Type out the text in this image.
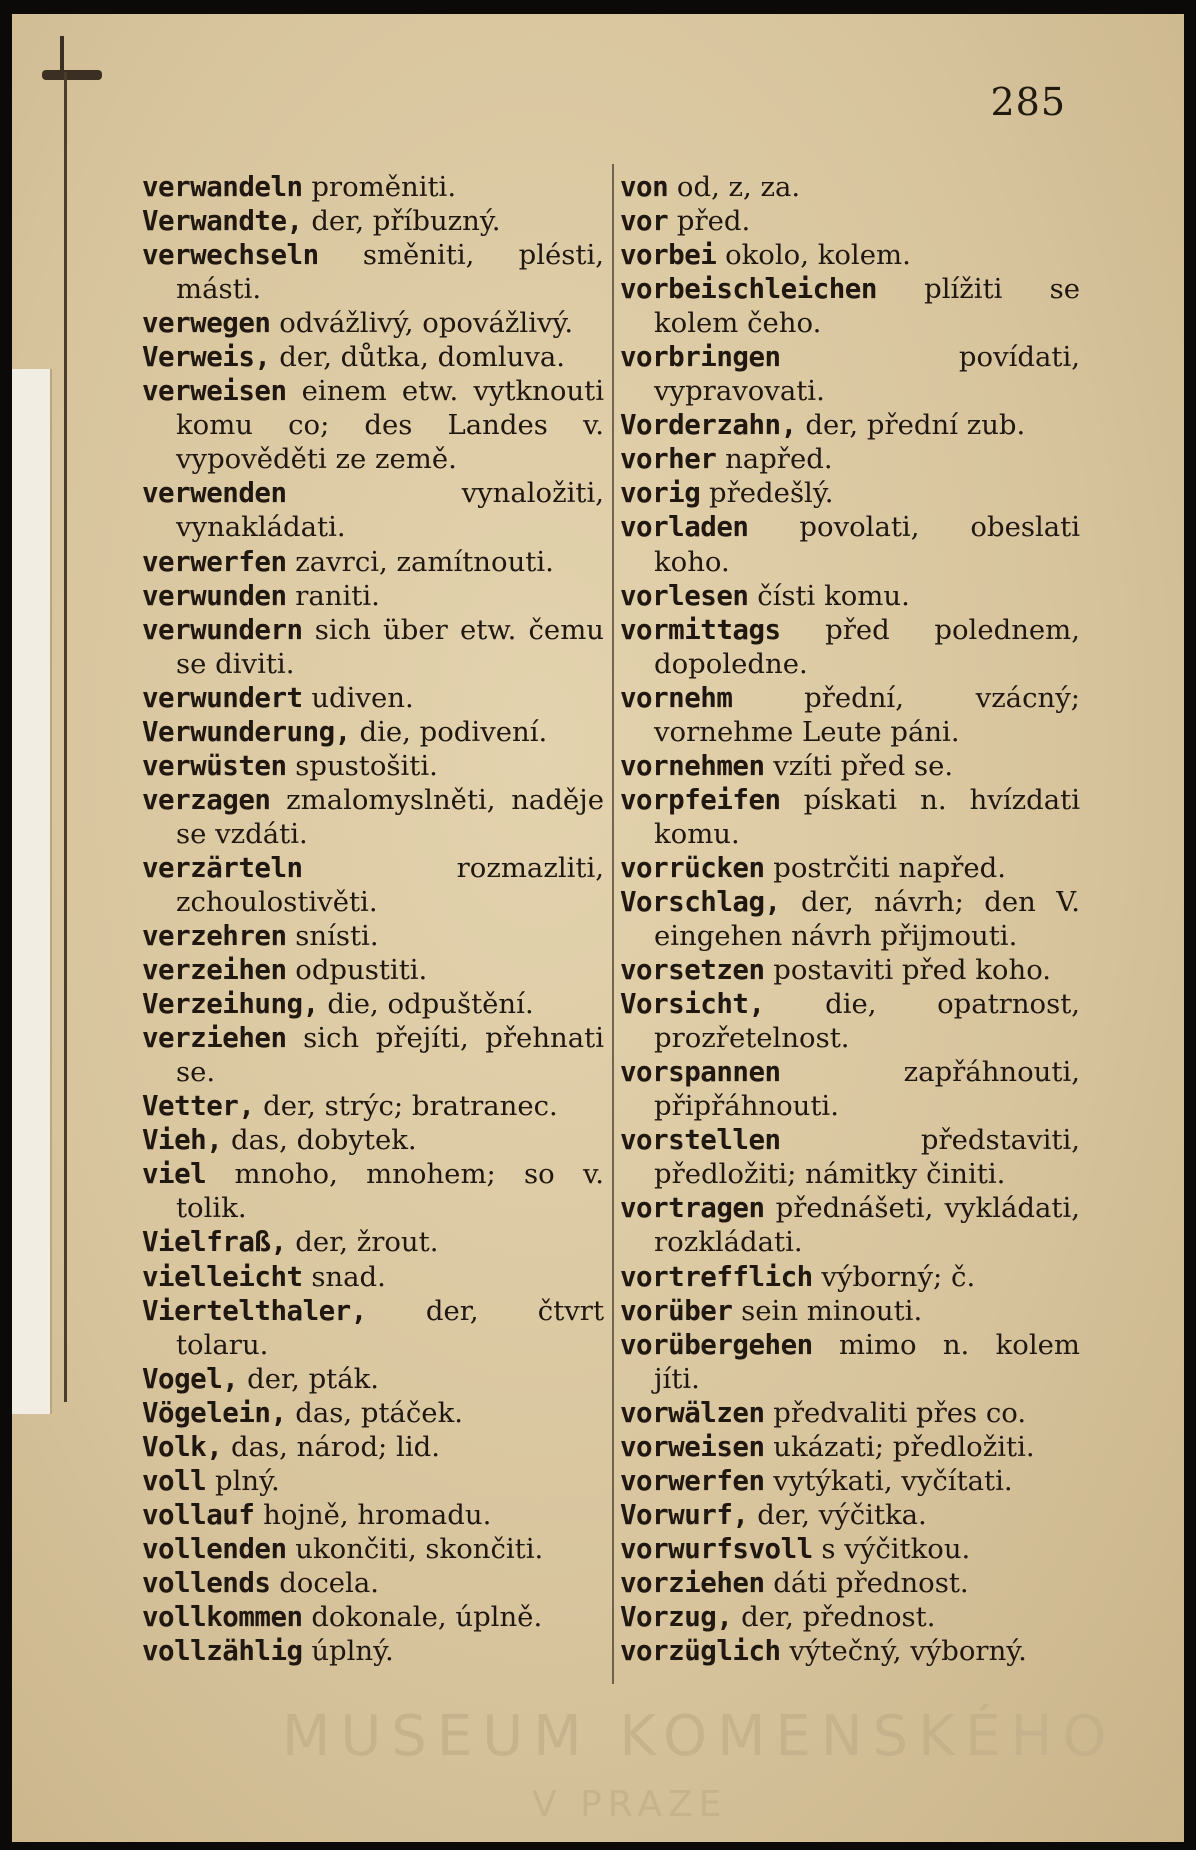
285

verwandeln proměniti.

Verwandte, der, příbuzný.

verwechseln směniti, plésti, másti.

verwegen odvážlivý, opovážlivý.

Verweis, der, důtka, domluva.

verweisen einem etw. vytknouti komu co; des Landes v. vypověděti ze země.

verwenden vynaložiti, vynakládati.

verwerfen zavrci, zamítnouti.

verwunden raniti.

verwundern sich über etw. čemu se diviti.

verwundert udiven.

Verwunderung, die, podivení.

verwüsten spustošiti.

verzagen zmalomyslněti, naděje se vzdáti.

verzärteln rozmazliti, zchoulostivěti.

verzehren snísti.

verzeihen odpustiti.

Verzeihung, die, odpuštění.

verziehen sich přejíti, přehnati se.

Vetter, der, strýc; bratranec.

Vieh, das, dobytek.

viel mnoho, mnohem; so v. tolik.

Vielfraß, der, žrout.

vielleicht snad.

Viertelthaler, der, čtvrt tolaru.

Vogel, der, pták.

Vögelein, das, ptáček.

Volk, das, národ; lid.

voll plný.

vollauf hojně, hromadu.

vollenden ukončiti, skončiti.

vollends docela.

vollkommen dokonale, úplně.

vollzählig úplný.

von od, z, za.

vor před.

vorbei okolo, kolem.

vorbeischleichen plížiti se kolem čeho.

vorbringen povídati, vypravovati.

Vorderzahn, der, přední zub.

vorher napřed.

vorig předešlý.

vorladen povolati, obeslati koho.

vorlesen čísti komu.

vormittags před polednem, dopoledne.

vornehm přední, vzácný; vornehme Leute páni.

vornehmen vzíti před se.

vorpfeifen pískati n. hvízdati komu.

vorrücken postrčiti napřed.

Vorschlag, der, návrh; den V. eingehen návrh přijmouti.

vorsetzen postaviti před koho.

Vorsicht, die, opatrnost, prozřetelnost.

vorspannen zapřáhnouti, připřáhnouti.

vorstellen představiti, předložiti; námitky činiti.

vortragen přednášeti, vykládati, rozkládati.

vortrefflich výborný; č.

vorüber sein minouti.

vorübergehen mimo n. kolem jíti.

vorwälzen předvaliti přes co.

vorweisen ukázati; předložiti.

vorwerfen vytýkati, vyčítati.

Vorwurf, der, výčitka.

vorwurfsvoll s výčitkou.

vorziehen dáti přednost.

Vorzug, der, přednost.

vorzüglich výtečný, výborný.

MUSEUM KOMENSKÉHO
V PRAZE
